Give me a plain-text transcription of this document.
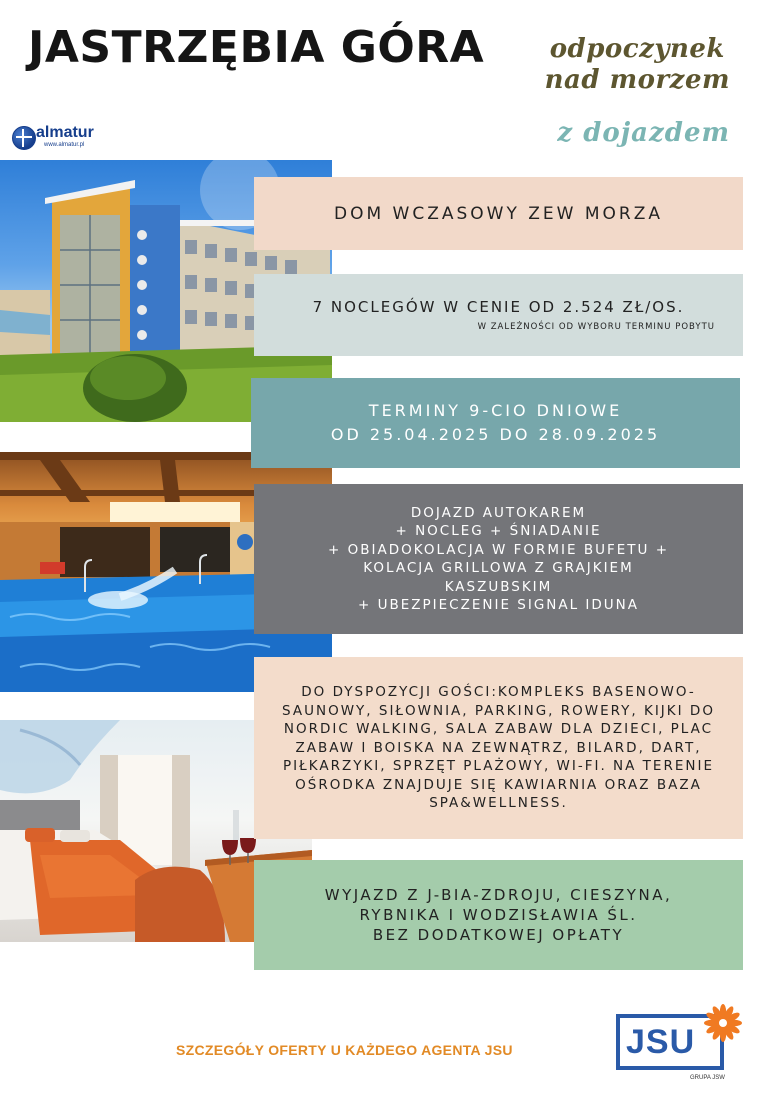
JASTRZĘBIA GÓRA	odpoczynek
nad morzem
z dojazdem
almatur
www.almatur.pl
DOM WCZASOWY ZEW MORZA
7 NOCLEGÓW W CENIE OD 2.524 ZŁ/OS.
W ZALEŻNOŚCI OD WYBORU TERMINU POBYTU
TERMINY 9-CIO DNIOWE
OD 25.04.2025 DO 28.09.2025
DOJAZD AUTOKAREM
+ NOCLEG + ŚNIADANIE
+ OBIADOKOLACJA W FORMIE BUFETU +
KOLACJA GRILLOWA Z GRAJKIEM
KASZUBSKIM
+ UBEZPIECZENIE SIGNAL IDUNA
DO DYSPOZYCJI GOŚCI:KOMPLEKS BASENOWO-SAUNOWY, SIŁOWNIA, PARKING, ROWERY, KIJKI DO NORDIC WALKING, SALA ZABAW DLA DZIECI, PLAC ZABAW I BOISKA NA ZEWNĄTRZ, BILARD, DART, PIŁKARZYKI, SPRZĘT PLAŻOWY, WI-FI. NA TERENIE OŚRODKA ZNAJDUJE SIĘ KAWIARNIA ORAZ BAZA SPA&WELLNESS.
WYJAZD Z J-BIA-ZDROJU, CIESZYNA,
RYBNIKA I WODZISŁAWIA ŚL.
BEZ DODATKOWEJ OPŁATY
SZCZEGÓŁY OFERTY U KAŻDEGO AGENTA JSU	JSU
GRUPA JSW
